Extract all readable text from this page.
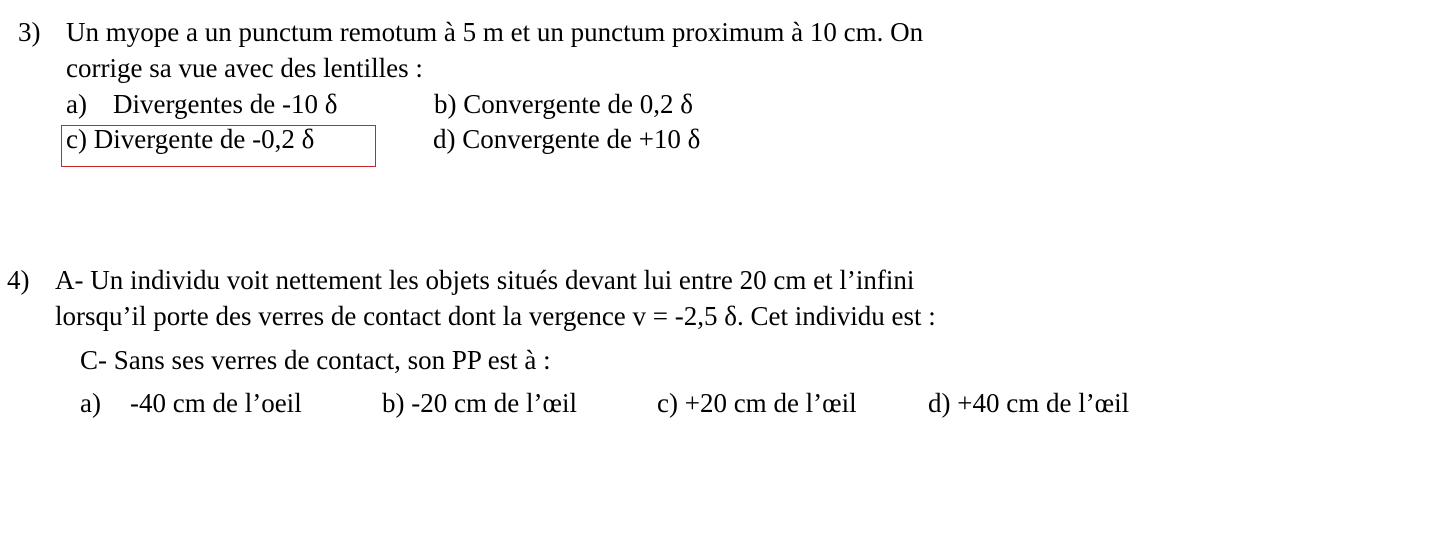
3) Un myope a un punctum remotum à 5 m et un punctum proximum à 10 cm. On
corrige sa vue avec des lentilles :
a) Divergentes de -10 δ	b) Convergente de 0,2 δ
c) Divergente de -0,2 δ	d) Convergente de +10 δ
4) A- Un individu voit nettement les objets situés devant lui entre 20 cm et l’infini
lorsqu’il porte des verres de contact dont la vergence v = -2,5 δ. Cet individu est :
C- Sans ses verres de contact, son PP est à :
a) -40 cm de l’oeil	b) -20 cm de l’œil	c) +20 cm de l’œil	d) +40 cm de l’œil
